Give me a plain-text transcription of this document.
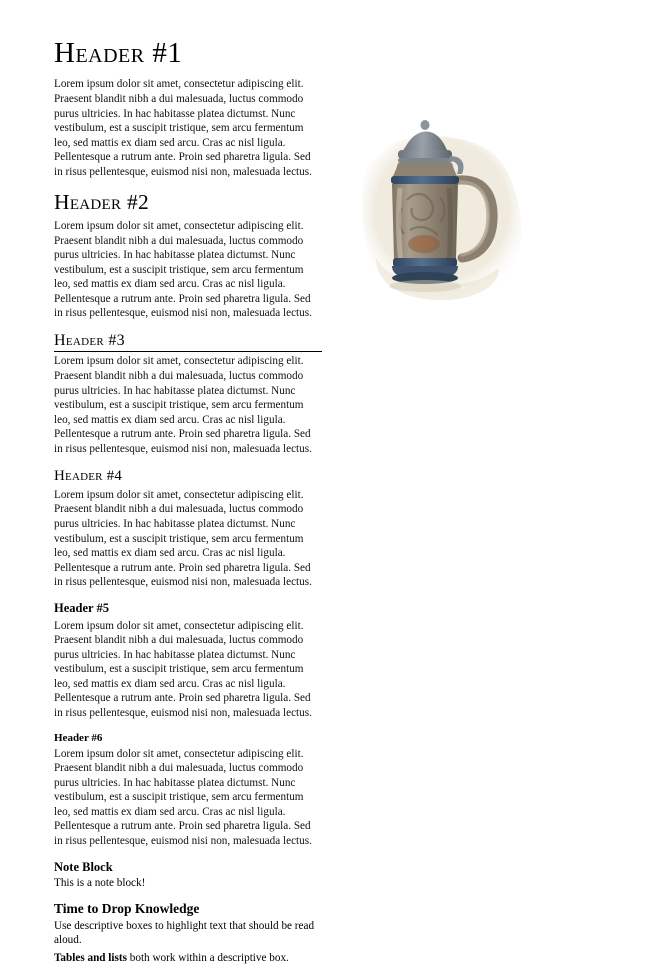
Header #1

Lorem ipsum dolor sit amet, consectetur adipiscing elit. Praesent blandit nibh a dui malesuada, luctus commodo purus ultricies. In hac habitasse platea dictumst. Nunc vestibulum, est a suscipit tristique, sem arcu fermentum leo, sed mattis ex diam sed arcu. Cras ac nisl ligula. Pellentesque a rutrum ante. Proin sed pharetra ligula. Sed in risus pellentesque, euismod nisi non, malesuada lectus.

Header #2

Lorem ipsum dolor sit amet, consectetur adipiscing elit. Praesent blandit nibh a dui malesuada, luctus commodo purus ultricies. In hac habitasse platea dictumst. Nunc vestibulum, est a suscipit tristique, sem arcu fermentum leo, sed mattis ex diam sed arcu. Cras ac nisl ligula. Pellentesque a rutrum ante. Proin sed pharetra ligula. Sed in risus pellentesque, euismod nisi non, malesuada lectus.

Header #3

Lorem ipsum dolor sit amet, consectetur adipiscing elit. Praesent blandit nibh a dui malesuada, luctus commodo purus ultricies. In hac habitasse platea dictumst. Nunc vestibulum, est a suscipit tristique, sem arcu fermentum leo, sed mattis ex diam sed arcu. Cras ac nisl ligula. Pellentesque a rutrum ante. Proin sed pharetra ligula. Sed in risus pellentesque, euismod nisi non, malesuada lectus.

Header #4

Lorem ipsum dolor sit amet, consectetur adipiscing elit. Praesent blandit nibh a dui malesuada, luctus commodo purus ultricies. In hac habitasse platea dictumst. Nunc vestibulum, est a suscipit tristique, sem arcu fermentum leo, sed mattis ex diam sed arcu. Cras ac nisl ligula. Pellentesque a rutrum ante. Proin sed pharetra ligula. Sed in risus pellentesque, euismod nisi non, malesuada lectus.

Header #5

Lorem ipsum dolor sit amet, consectetur adipiscing elit. Praesent blandit nibh a dui malesuada, luctus commodo purus ultricies. In hac habitasse platea dictumst. Nunc vestibulum, est a suscipit tristique, sem arcu fermentum leo, sed mattis ex diam sed arcu. Cras ac nisl ligula. Pellentesque a rutrum ante. Proin sed pharetra ligula. Sed in risus pellentesque, euismod nisi non, malesuada lectus.

Header #6

Lorem ipsum dolor sit amet, consectetur adipiscing elit. Praesent blandit nibh a dui malesuada, luctus commodo purus ultricies. In hac habitasse platea dictumst. Nunc vestibulum, est a suscipit tristique, sem arcu fermentum leo, sed mattis ex diam sed arcu. Cras ac nisl ligula. Pellentesque a rutrum ante. Proin sed pharetra ligula. Sed in risus pellentesque, euismod nisi non, malesuada lectus.

Note Block

This is a note block!

Time to Drop Knowledge

Use descriptive boxes to highlight text that should be read aloud.

Tables and lists both work within a descriptive box.
